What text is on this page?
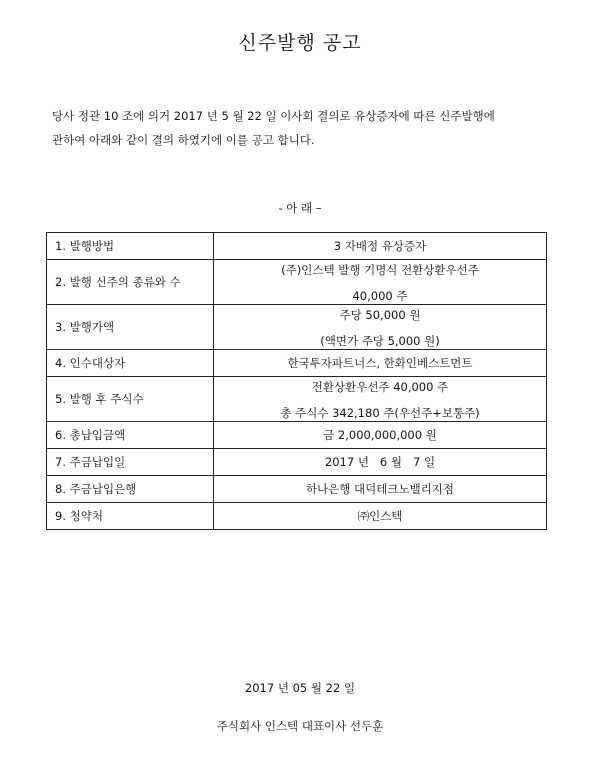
신주발행 공고

당사 정관 10 조에 의거 2017 년 5 월 22 일 이사회 결의로 유상증자에 따른 신주발행에

관하여 아래와 같이 결의 하였기에 이를 공고 합니다.

- 아 래 –
1. 발행방법	3 자배정 유상증자
2. 발행 신주의 종류와 수	(주)인스텍 발행 기명식 전환상환우선주
40,000 주

3. 발행가액	주당 50,000 원
(액면가 주당 5,000 원)

4. 인수대상자	한국투자파트너스, 한화인베스트먼트
5. 발행 후 주식수	전환상환우선주 40,000 주
총 주식수 342,180 주(우선주+보통주)

6. 총납입금액	금 2,000,000,000 원
7. 주금납입일	2017 년   6 월   7 일
8. 주금납입은행	하나은행 대덕테크노밸리지점
9. 청약처	㈜인스텍
2017 년 05 월 22 일
주식회사 인스텍 대표이사 선두훈
